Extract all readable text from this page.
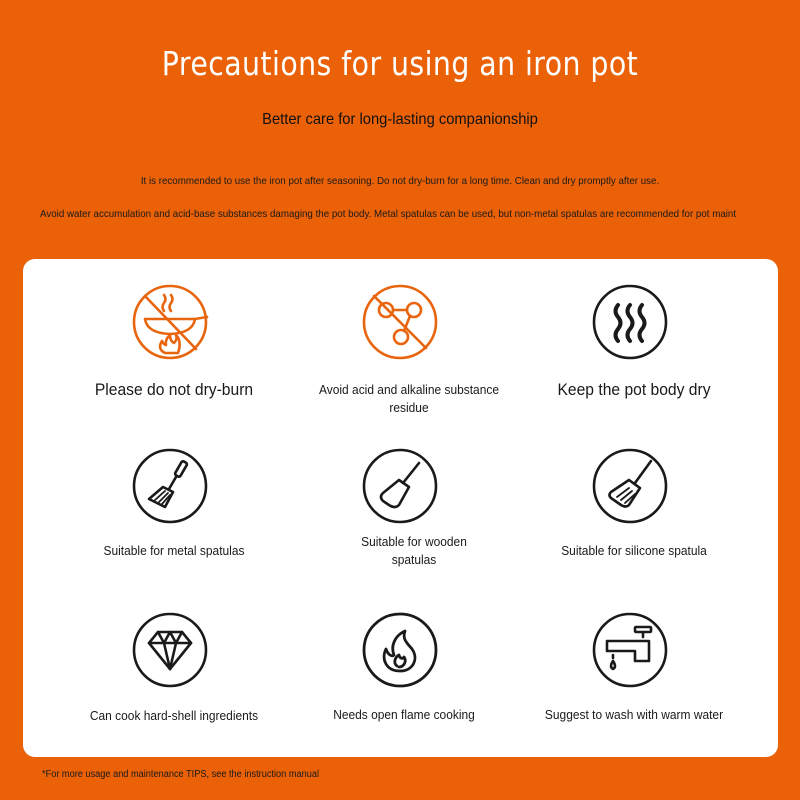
Precautions for using an iron pot

Better care for long-lasting companionship

It is recommended to use the iron pot after seasoning. Do not dry-burn for a long time. Clean and dry promptly after use.

Avoid water accumulation and acid-base substances damaging the pot body. Metal spatulas can be used, but non-metal spatulas are recommended for pot maint

Please do not dry-burn	Avoid acid and alkaline substance residue
Keep the pot body dry
Suitable for metal spatulas
Suitable for wooden spatulas
Suitable for silicone spatula
Can cook hard-shell ingredients	Needs open flame cooking	Suggest to wash with warm water

*For more usage and maintenance TIPS, see the instruction manual
